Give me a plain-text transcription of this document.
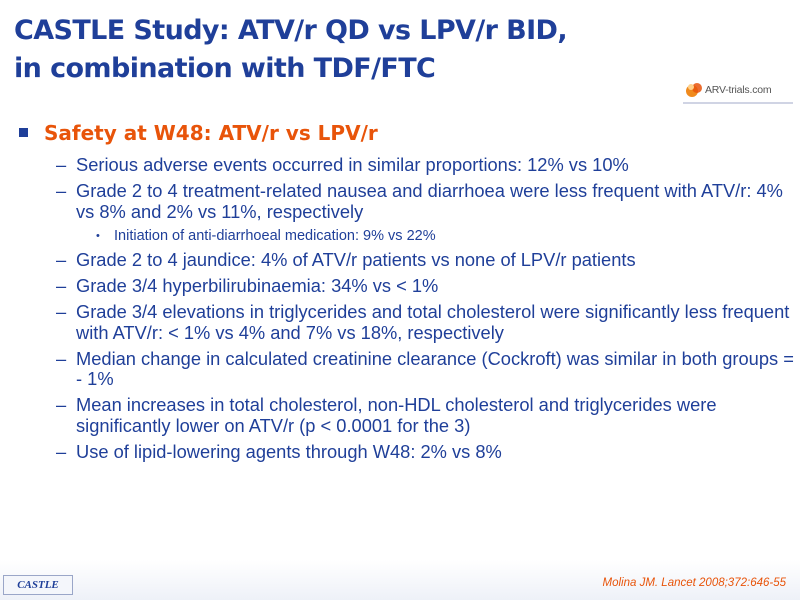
CASTLE Study: ATV/r QD vs LPV/r BID,
in combination with TDF/FTC
ARV-trials.com
Safety at W48: ATV/r vs LPV/r
– Serious adverse events occurred in similar proportions: 12% vs 10%
– Grade 2 to 4 treatment-related nausea and diarrhoea were less frequent with ATV/r: 4% vs 8% and 2% vs 11%, respectively
• Initiation of anti-diarrhoeal medication: 9% vs 22%
– Grade 2 to 4 jaundice: 4% of ATV/r patients vs none of LPV/r patients
– Grade 3/4 hyperbilirubinaemia: 34% vs < 1%
– Grade 3/4 elevations in triglycerides and total cholesterol were significantly less frequent with ATV/r: < 1% vs 4% and 7% vs 18%, respectively
– Median change in calculated creatinine clearance (Cockroft) was similar in both groups = - 1%
– Mean increases in total cholesterol, non-HDL cholesterol and triglycerides were significantly lower on ATV/r (p < 0.0001 for the 3)
– Use of lipid-lowering agents through W48: 2% vs 8%
CASTLE	Molina JM. Lancet 2008;372:646-55
